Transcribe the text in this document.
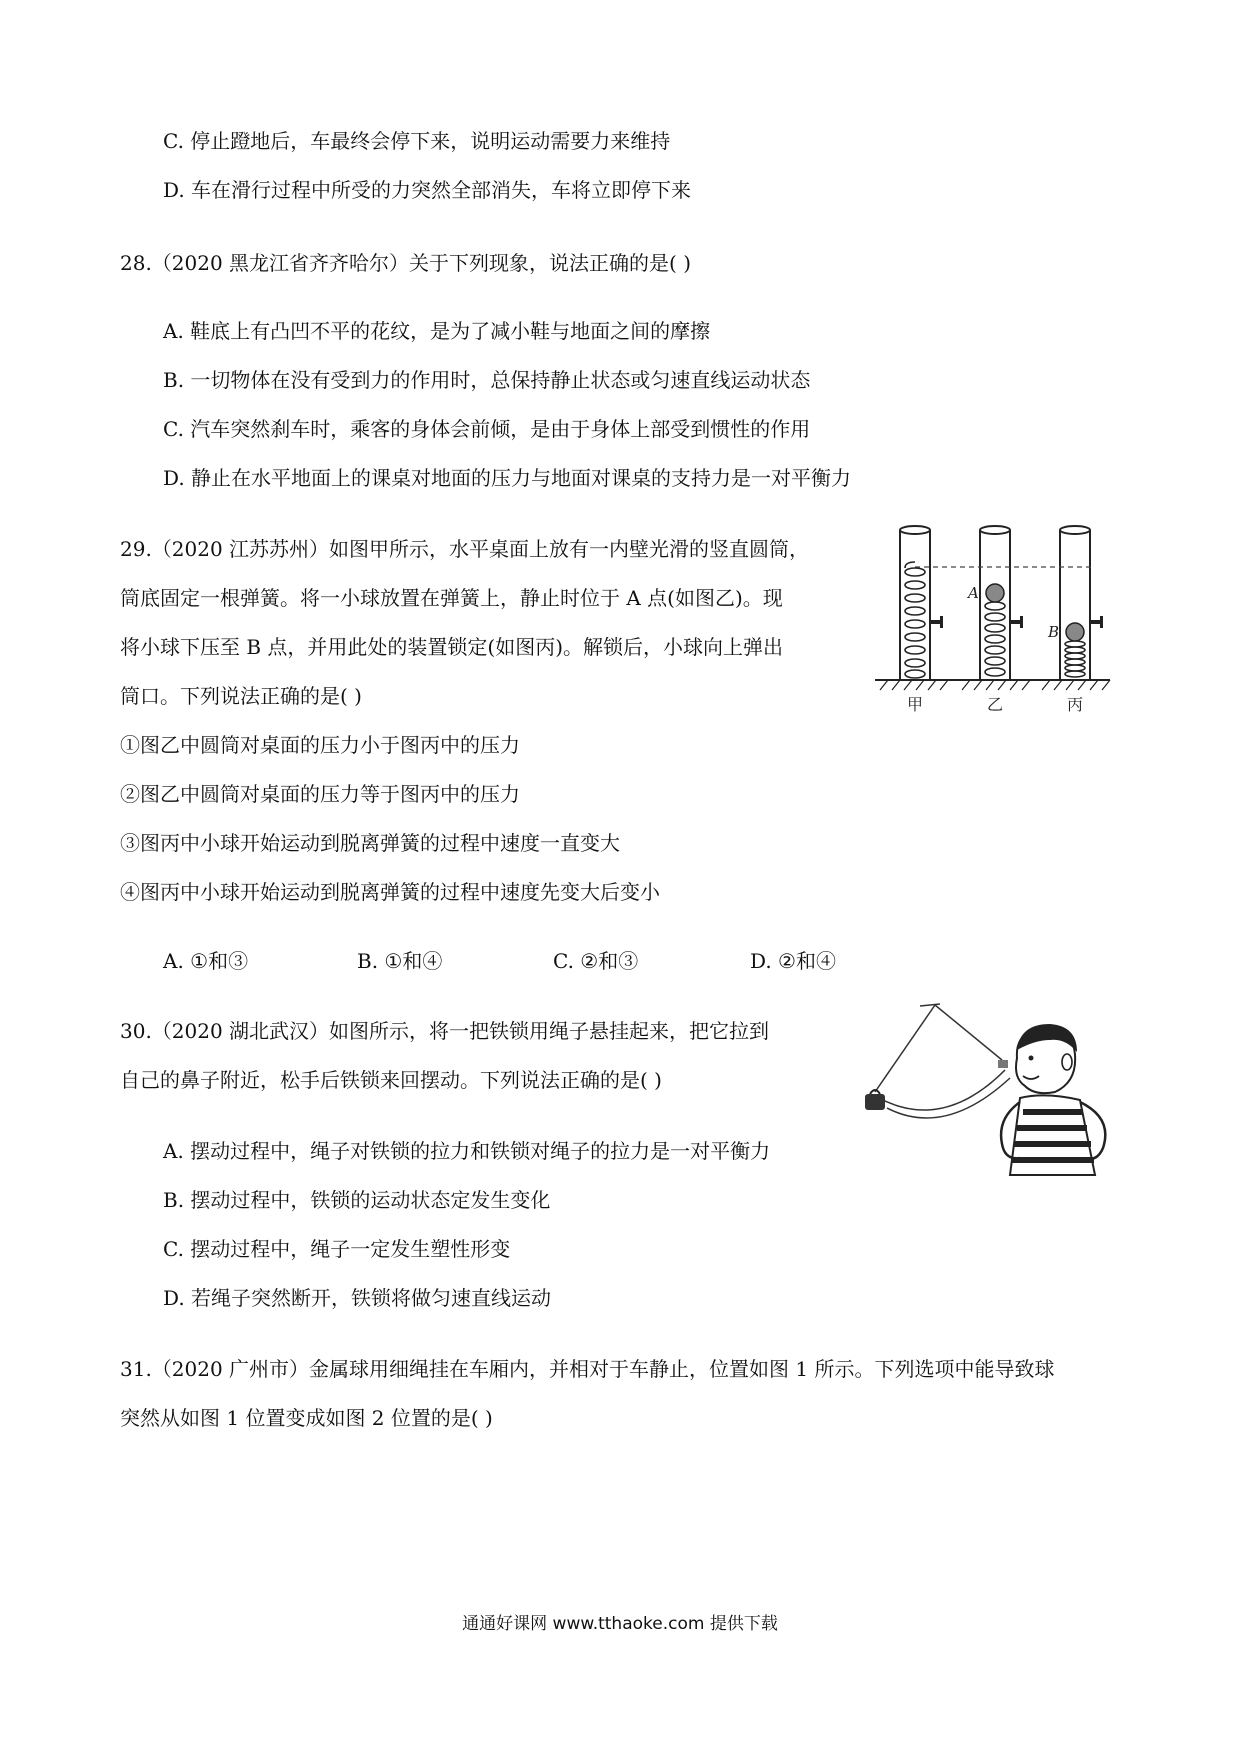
C. 停止蹬地后，车最终会停下来，说明运动需要力来维持
D. 车在滑行过程中所受的力突然全部消失，车将立即停下来
28.（2020 黑龙江省齐齐哈尔）关于下列现象，说法正确的是( )
A. 鞋底上有凸凹不平的花纹，是为了减小鞋与地面之间的摩擦
B. 一切物体在没有受到力的作用时，总保持静止状态或匀速直线运动状态
C. 汽车突然刹车时，乘客的身体会前倾，是由于身体上部受到惯性的作用
D. 静止在水平地面上的课桌对地面的压力与地面对课桌的支持力是一对平衡力
29.（2020 江苏苏州）如图甲所示，水平桌面上放有一内壁光滑的竖直圆筒，
筒底固定一根弹簧。将一小球放置在弹簧上，静止时位于 A 点(如图乙)。现
将小球下压至 B 点，并用此处的装置锁定(如图丙)。解锁后，小球向上弹出
筒口。下列说法正确的是( )
①图乙中圆筒对桌面的压力小于图丙中的压力
②图乙中圆筒对桌面的压力等于图丙中的压力
③图丙中小球开始运动到脱离弹簧的过程中速度一直变大
④图丙中小球开始运动到脱离弹簧的过程中速度先变大后变小
A. ①和③	B. ①和④	C. ②和③	D. ②和④
A
B
甲	乙	丙
30.（2020 湖北武汉）如图所示，将一把铁锁用绳子悬挂起来，把它拉到
自己的鼻子附近，松手后铁锁来回摆动。下列说法正确的是( )
A. 摆动过程中，绳子对铁锁的拉力和铁锁对绳子的拉力是一对平衡力
B. 摆动过程中，铁锁的运动状态定发生变化
C. 摆动过程中，绳子一定发生塑性形变
D. 若绳子突然断开，铁锁将做匀速直线运动
31.（2020 广州市）金属球用细绳挂在车厢内，并相对于车静止，位置如图 1 所示。下列选项中能导致球
突然从如图 1 位置变成如图 2 位置的是( )
通通好课网 www.tthaoke.com 提供下载
